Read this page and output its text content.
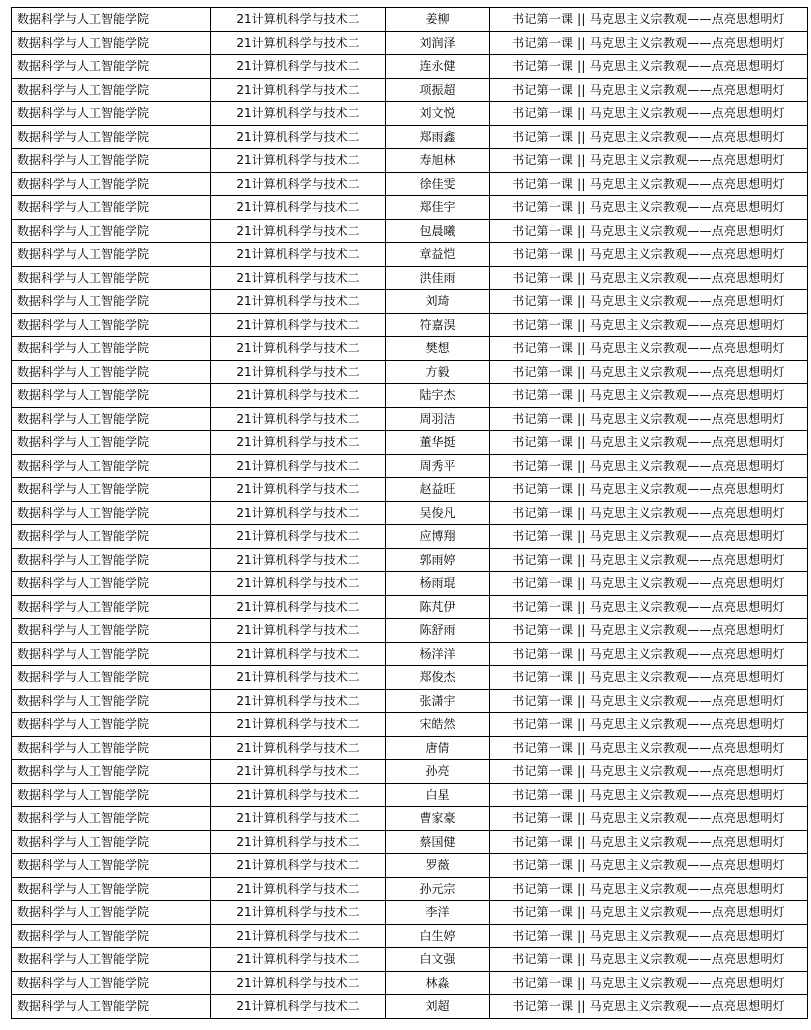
数据科学与人工智能学院	21计算机科学与技术二	姜柳	书记第一课 || 马克思主义宗教观——点亮思想明灯
数据科学与人工智能学院	21计算机科学与技术二	刘润泽	书记第一课 || 马克思主义宗教观——点亮思想明灯
数据科学与人工智能学院	21计算机科学与技术二	连永健	书记第一课 || 马克思主义宗教观——点亮思想明灯
数据科学与人工智能学院	21计算机科学与技术二	项振超	书记第一课 || 马克思主义宗教观——点亮思想明灯
数据科学与人工智能学院	21计算机科学与技术二	刘文悦	书记第一课 || 马克思主义宗教观——点亮思想明灯
数据科学与人工智能学院	21计算机科学与技术二	郑雨鑫	书记第一课 || 马克思主义宗教观——点亮思想明灯
数据科学与人工智能学院	21计算机科学与技术二	寿旭林	书记第一课 || 马克思主义宗教观——点亮思想明灯
数据科学与人工智能学院	21计算机科学与技术二	徐佳雯	书记第一课 || 马克思主义宗教观——点亮思想明灯
数据科学与人工智能学院	21计算机科学与技术二	郑佳宇	书记第一课 || 马克思主义宗教观——点亮思想明灯
数据科学与人工智能学院	21计算机科学与技术二	包晨曦	书记第一课 || 马克思主义宗教观——点亮思想明灯
数据科学与人工智能学院	21计算机科学与技术二	章益恺	书记第一课 || 马克思主义宗教观——点亮思想明灯
数据科学与人工智能学院	21计算机科学与技术二	洪佳雨	书记第一课 || 马克思主义宗教观——点亮思想明灯
数据科学与人工智能学院	21计算机科学与技术二	刘琦	书记第一课 || 马克思主义宗教观——点亮思想明灯
数据科学与人工智能学院	21计算机科学与技术二	符嘉淏	书记第一课 || 马克思主义宗教观——点亮思想明灯
数据科学与人工智能学院	21计算机科学与技术二	樊想	书记第一课 || 马克思主义宗教观——点亮思想明灯
数据科学与人工智能学院	21计算机科学与技术二	方毅	书记第一课 || 马克思主义宗教观——点亮思想明灯
数据科学与人工智能学院	21计算机科学与技术二	陆宇杰	书记第一课 || 马克思主义宗教观——点亮思想明灯
数据科学与人工智能学院	21计算机科学与技术二	周羽洁	书记第一课 || 马克思主义宗教观——点亮思想明灯
数据科学与人工智能学院	21计算机科学与技术二	董华挺	书记第一课 || 马克思主义宗教观——点亮思想明灯
数据科学与人工智能学院	21计算机科学与技术二	周秀平	书记第一课 || 马克思主义宗教观——点亮思想明灯
数据科学与人工智能学院	21计算机科学与技术二	赵益旺	书记第一课 || 马克思主义宗教观——点亮思想明灯
数据科学与人工智能学院	21计算机科学与技术二	吴俊凡	书记第一课 || 马克思主义宗教观——点亮思想明灯
数据科学与人工智能学院	21计算机科学与技术二	应博翔	书记第一课 || 马克思主义宗教观——点亮思想明灯
数据科学与人工智能学院	21计算机科学与技术二	郭雨婷	书记第一课 || 马克思主义宗教观——点亮思想明灯
数据科学与人工智能学院	21计算机科学与技术二	杨雨琨	书记第一课 || 马克思主义宗教观——点亮思想明灯
数据科学与人工智能学院	21计算机科学与技术二	陈芃伊	书记第一课 || 马克思主义宗教观——点亮思想明灯
数据科学与人工智能学院	21计算机科学与技术二	陈舒雨	书记第一课 || 马克思主义宗教观——点亮思想明灯
数据科学与人工智能学院	21计算机科学与技术二	杨洋洋	书记第一课 || 马克思主义宗教观——点亮思想明灯
数据科学与人工智能学院	21计算机科学与技术二	郑俊杰	书记第一课 || 马克思主义宗教观——点亮思想明灯
数据科学与人工智能学院	21计算机科学与技术二	张潇宇	书记第一课 || 马克思主义宗教观——点亮思想明灯
数据科学与人工智能学院	21计算机科学与技术二	宋皓然	书记第一课 || 马克思主义宗教观——点亮思想明灯
数据科学与人工智能学院	21计算机科学与技术二	唐倩	书记第一课 || 马克思主义宗教观——点亮思想明灯
数据科学与人工智能学院	21计算机科学与技术二	孙亮	书记第一课 || 马克思主义宗教观——点亮思想明灯
数据科学与人工智能学院	21计算机科学与技术二	白星	书记第一课 || 马克思主义宗教观——点亮思想明灯
数据科学与人工智能学院	21计算机科学与技术二	曹家豪	书记第一课 || 马克思主义宗教观——点亮思想明灯
数据科学与人工智能学院	21计算机科学与技术二	蔡国健	书记第一课 || 马克思主义宗教观——点亮思想明灯
数据科学与人工智能学院	21计算机科学与技术二	罗薇	书记第一课 || 马克思主义宗教观——点亮思想明灯
数据科学与人工智能学院	21计算机科学与技术二	孙元宗	书记第一课 || 马克思主义宗教观——点亮思想明灯
数据科学与人工智能学院	21计算机科学与技术二	李洋	书记第一课 || 马克思主义宗教观——点亮思想明灯
数据科学与人工智能学院	21计算机科学与技术二	白生婷	书记第一课 || 马克思主义宗教观——点亮思想明灯
数据科学与人工智能学院	21计算机科学与技术二	白文强	书记第一课 || 马克思主义宗教观——点亮思想明灯
数据科学与人工智能学院	21计算机科学与技术二	林淼	书记第一课 || 马克思主义宗教观——点亮思想明灯
数据科学与人工智能学院	21计算机科学与技术二	刘超	书记第一课 || 马克思主义宗教观——点亮思想明灯
